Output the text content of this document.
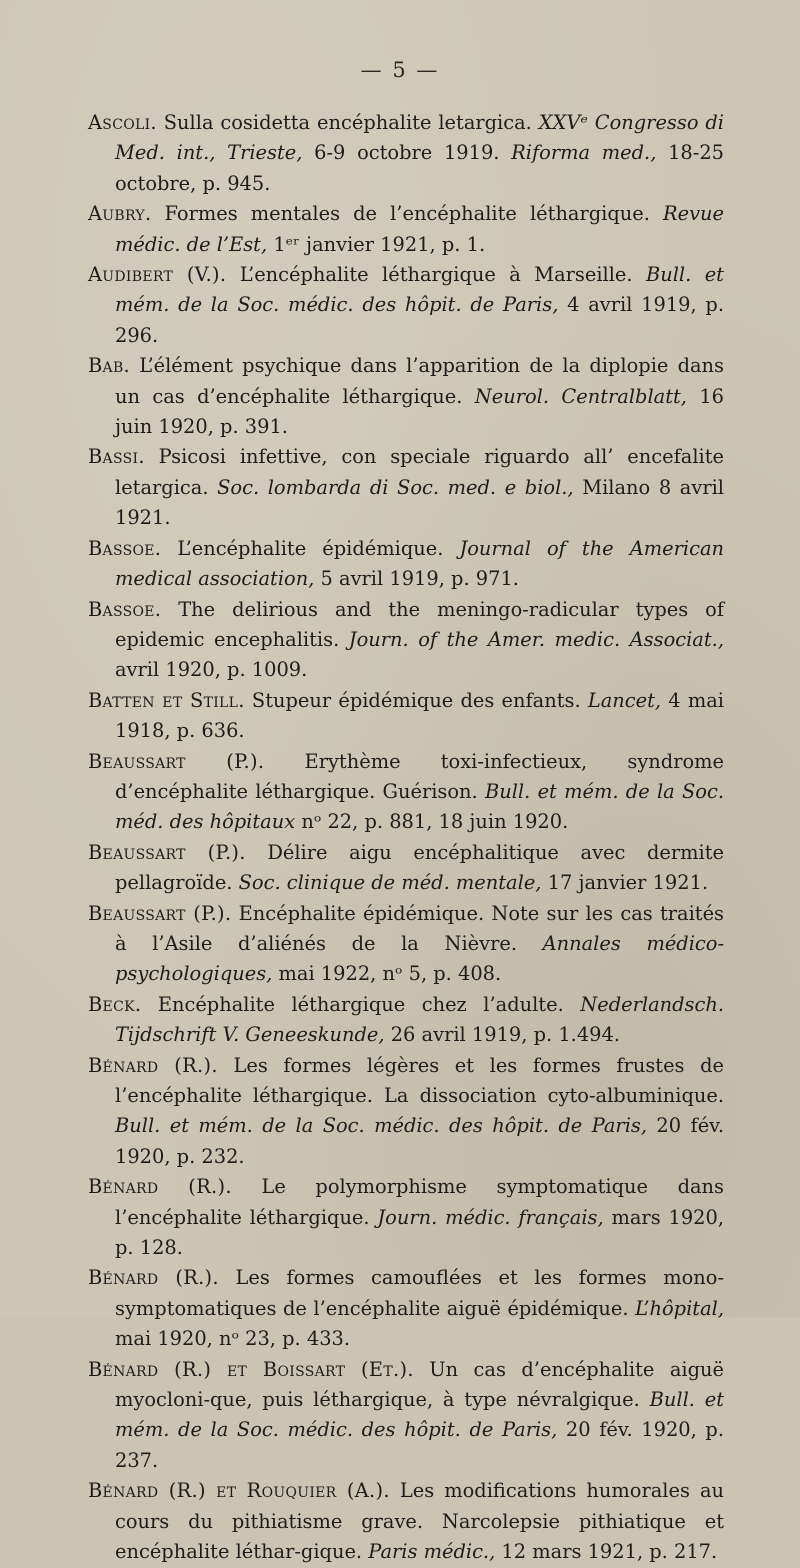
— 5 —
Ascoli. Sulla cosidetta encéphalite letargica. XXVᵉ Congresso di Med. int., Trieste, 6-9 octobre 1919. Riforma med., 18-25 octobre, p. 945.
Aubry. Formes mentales de l’encéphalite léthargique. Revue médic. de l’Est, 1ᵉʳ janvier 1921, p. 1.
Audibert (V.). L’encéphalite léthargique à Marseille. Bull. et mém. de la Soc. médic. des hôpit. de Paris, 4 avril 1919, p. 296.
Bab. L’élément psychique dans l’apparition de la diplopie dans un cas d’encéphalite léthargique. Neurol. Centralblatt, 16 juin 1920, p. 391.
Bassi. Psicosi infettive, con speciale riguardo all’ encefalite letargica. Soc. lombarda di Soc. med. e biol., Milano 8 avril 1921.
Bassoe. L’encéphalite épidémique. Journal of the American medical association, 5 avril 1919, p. 971.
Bassoe. The delirious and the meningo-radicular types of epidemic encephalitis. Journ. of the Amer. medic. Associat., avril 1920, p. 1009.
Batten et Still. Stupeur épidémique des enfants. Lancet, 4 mai 1918, p. 636.
Beaussart (P.). Erythème toxi-infectieux, syndrome d’encéphalite léthargique. Guérison. Bull. et mém. de la Soc. méd. des hôpitaux nᵒ 22, p. 881, 18 juin 1920.
Beaussart (P.). Délire aigu encéphalitique avec dermite pellagroïde. Soc. clinique de méd. mentale, 17 janvier 1921.
Beaussart (P.). Encéphalite épidémique. Note sur les cas traités à l’Asile d’aliénés de la Nièvre. Annales médico-psychologiques, mai 1922, nᵒ 5, p. 408.
Beck. Encéphalite léthargique chez l’adulte. Nederlandsch. Tijdschrift V. Geneeskunde, 26 avril 1919, p. 1.494.
Bénard (R.). Les formes légères et les formes frustes de l’encéphalite léthargique. La dissociation cyto-albuminique. Bull. et mém. de la Soc. médic. des hôpit. de Paris, 20 fév. 1920, p. 232.
Bénard (R.). Le polymorphisme symptomatique dans l’encéphalite léthargique. Journ. médic. français, mars 1920, p. 128.
Bénard (R.). Les formes camouflées et les formes mono-symptomatiques de l’encéphalite aiguë épidémique. L’hôpital, mai 1920, nᵒ 23, p. 433.
Bénard (R.) et Boissart (Et.). Un cas d’encéphalite aiguë myocloni-que, puis léthargique, à type névralgique. Bull. et mém. de la Soc. médic. des hôpit. de Paris, 20 fév. 1920, p. 237.
Bénard (R.) et Rouquier (A.). Les modifications humorales au cours du pithiatisme grave. Narcolepsie pithiatique et encéphalite léthar-gique. Paris médic., 12 mars 1921, p. 217.
